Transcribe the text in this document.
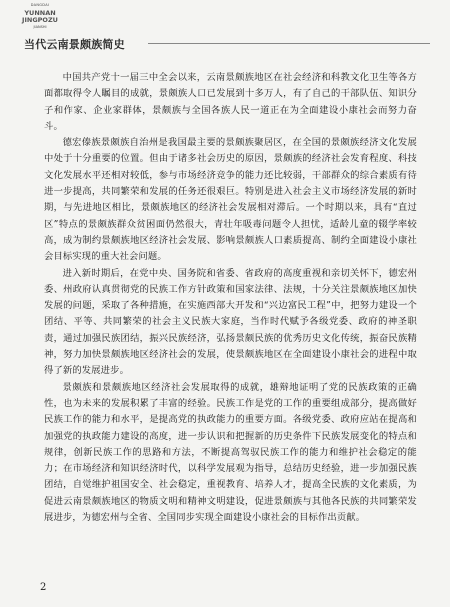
DANGDAI
YUNNAN
JINGPOZU
JIANSHI
当代云南景颇族简史

中国共产党十一届三中全会以来，云南景颇族地区在社会经济和科教文化卫生等各方面都取得令人瞩目的成就，景颇族人口已发展到十多万人，有了自己的干部队伍、知识分子和作家、企业家群体，景颇族与全国各族人民一道正在为全面建设小康社会而努力奋斗。

德宏傣族景颇族自治州是我国最主要的景颇族聚居区，在全国的景颇族经济文化发展中处于十分重要的位置。但由于诸多社会历史的原因，景颇族的经济社会发育程度、科技文化发展水平还相对较低，参与市场经济竞争的能力还比较弱，干部群众的综合素质有待进一步提高，共同繁荣和发展的任务还很艰巨。特别是进入社会主义市场经济发展的新时期，与先进地区相比，景颇族地区的经济社会发展相对滞后。一个时期以来，具有“直过区”特点的景颇族群众贫困面仍然很大，青壮年吸毒问题令人担忧，适龄儿童的辍学率较高，成为制约景颇族地区经济社会发展、影响景颇族人口素质提高、制约全面建设小康社会目标实现的重大社会问题。

进入新时期后，在党中央、国务院和省委、省政府的高度重视和亲切关怀下，德宏州委、州政府认真贯彻党的民族工作方针政策和国家法律、法规，十分关注景颇族地区加快发展的问题，采取了各种措施，在实施西部大开发和“兴边富民工程”中，把努力建设一个团结、平等、共同繁荣的社会主义民族大家庭，当作时代赋予各级党委、政府的神圣职责，通过加强民族团结，振兴民族经济，弘扬景颇民族的优秀历史文化传统，振奋民族精神，努力加快景颇族地区经济社会的发展，使景颇族地区在全面建设小康社会的进程中取得了新的发展进步。

景颇族和景颇族地区经济社会发展取得的成就，雄辩地证明了党的民族政策的正确性，也为未来的发展积累了丰富的经验。民族工作是党的工作的重要组成部分，提高做好民族工作的能力和水平，是提高党的执政能力的重要方面。各级党委、政府应站在提高和加强党的执政能力建设的高度，进一步认识和把握新的历史条件下民族发展变化的特点和规律，创新民族工作的思路和方法，不断提高驾驭民族工作的能力和维护社会稳定的能力；在市场经济和知识经济时代，以科学发展观为指导，总结历史经验，进一步加强民族团结，自觉维护祖国安全、社会稳定，重视教育、培养人才，提高全民族的文化素质，为促进云南景颇族地区的物质文明和精神文明建设，促进景颇族与其他各民族的共同繁荣发展进步，为德宏州与全省、全国同步实现全面建设小康社会的目标作出贡献。

2
